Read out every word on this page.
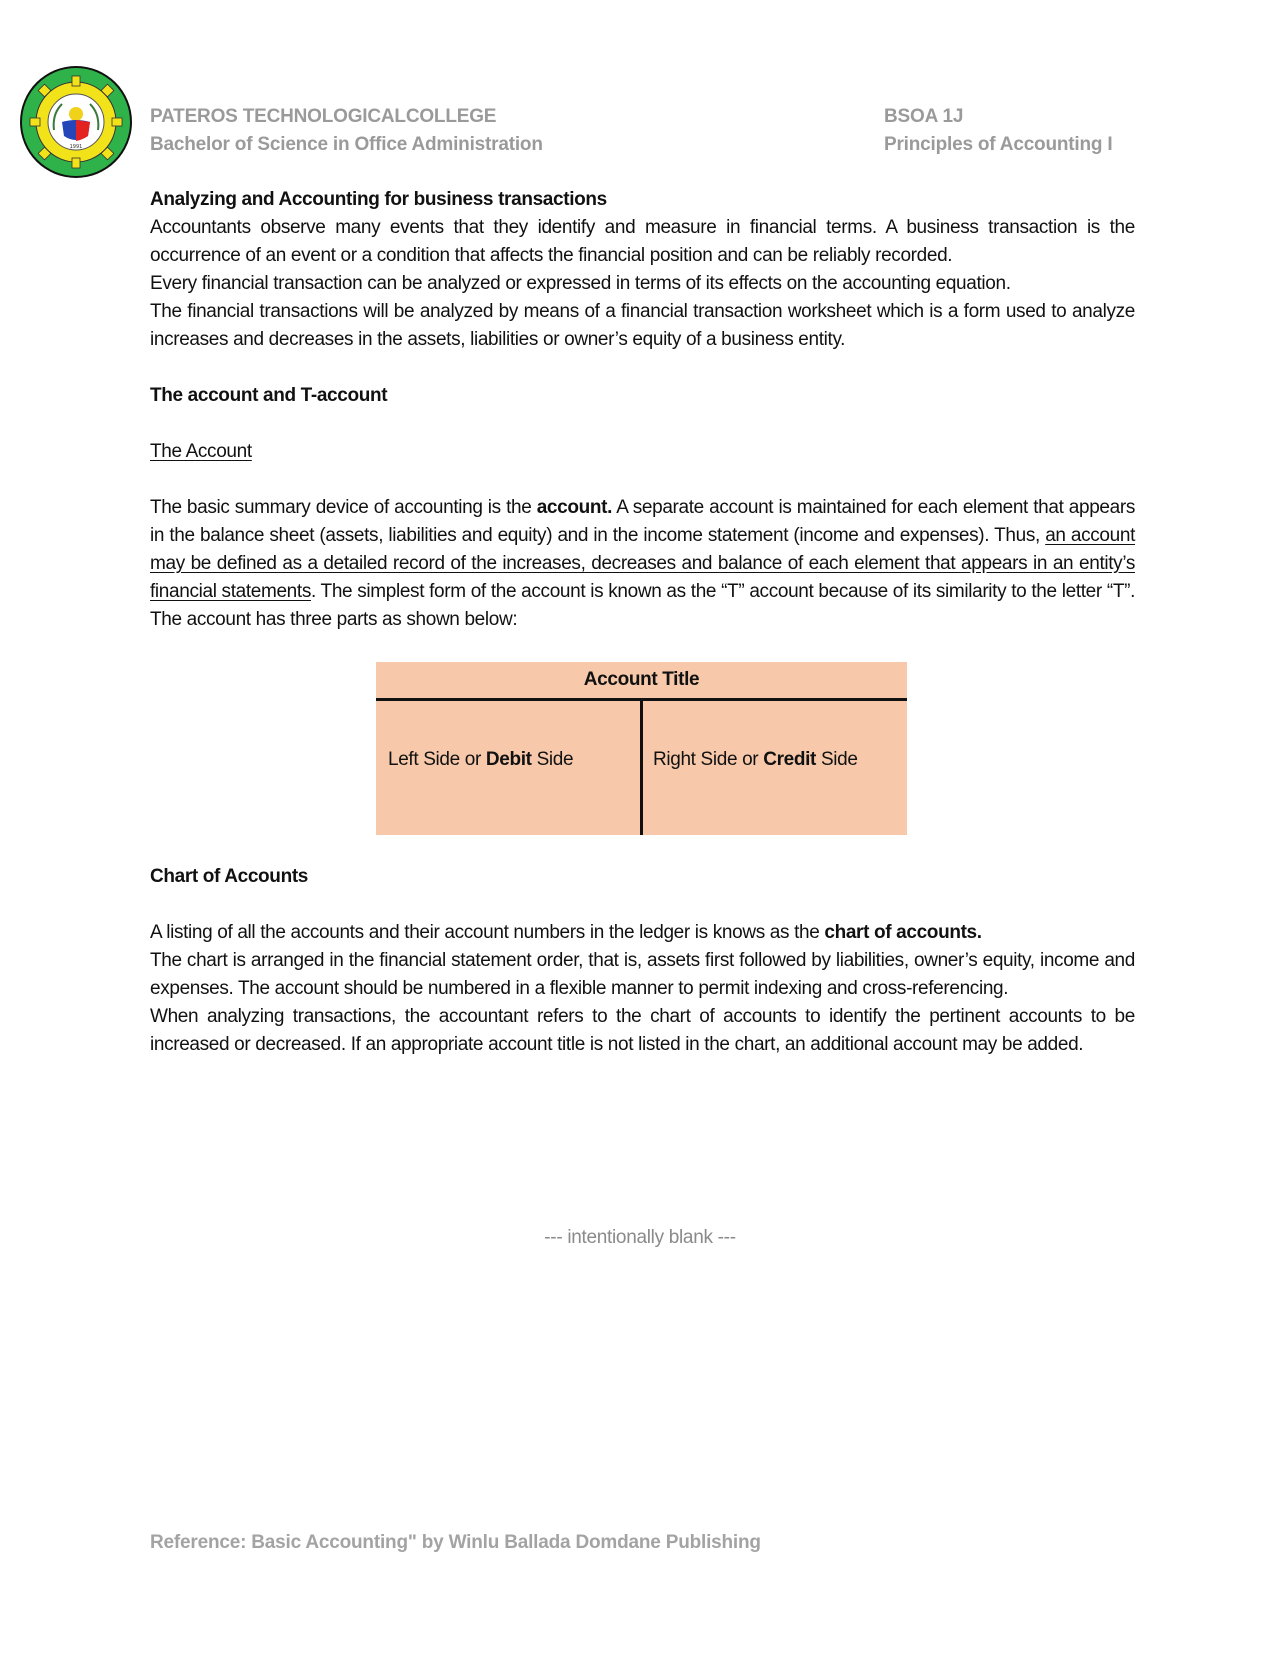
1991
PATEROS TECHNOLOGICALCOLLEGE
Bachelor of Science in Office Administration
BSOA 1J
Principles of Accounting I

Analyzing and Accounting for business transactions

Accountants observe many events that they identify and measure in financial terms. A business transaction is the occurrence of an event or a condition that affects the financial position and can be reliably recorded.

Every financial transaction can be analyzed or expressed in terms of its effects on the accounting equation.

The financial transactions will be analyzed by means of a financial transaction worksheet which is a form used to analyze increases and decreases in the assets, liabilities or owner’s equity of a business entity.

The account and T-account

The Account

The basic summary device of accounting is the account. A separate account is maintained for each element that appears in the balance sheet (assets, liabilities and equity) and in the income statement (income and expenses). Thus, an account may be defined as a detailed record of the increases, decreases and balance of each element that appears in an entity’s financial statements. The simplest form of the account is known as the “T” account because of its similarity to the letter “T”. The account has three parts as shown below:

Account Title
Left Side or Debit Side	Right Side or Credit Side

Chart of Accounts

A listing of all the accounts and their account numbers in the ledger is knows as the chart of accounts.

The chart is arranged in the financial statement order, that is, assets first followed by liabilities, owner’s equity, income and expenses. The account should be numbered in a flexible manner to permit indexing and cross-referencing.

When analyzing transactions, the accountant refers to the chart of accounts to identify the pertinent accounts to be increased or decreased. If an appropriate account title is not listed in the chart, an additional account may be added.

--- intentionally blank ---
Reference: Basic Accounting" by Winlu Ballada Domdane Publishing
